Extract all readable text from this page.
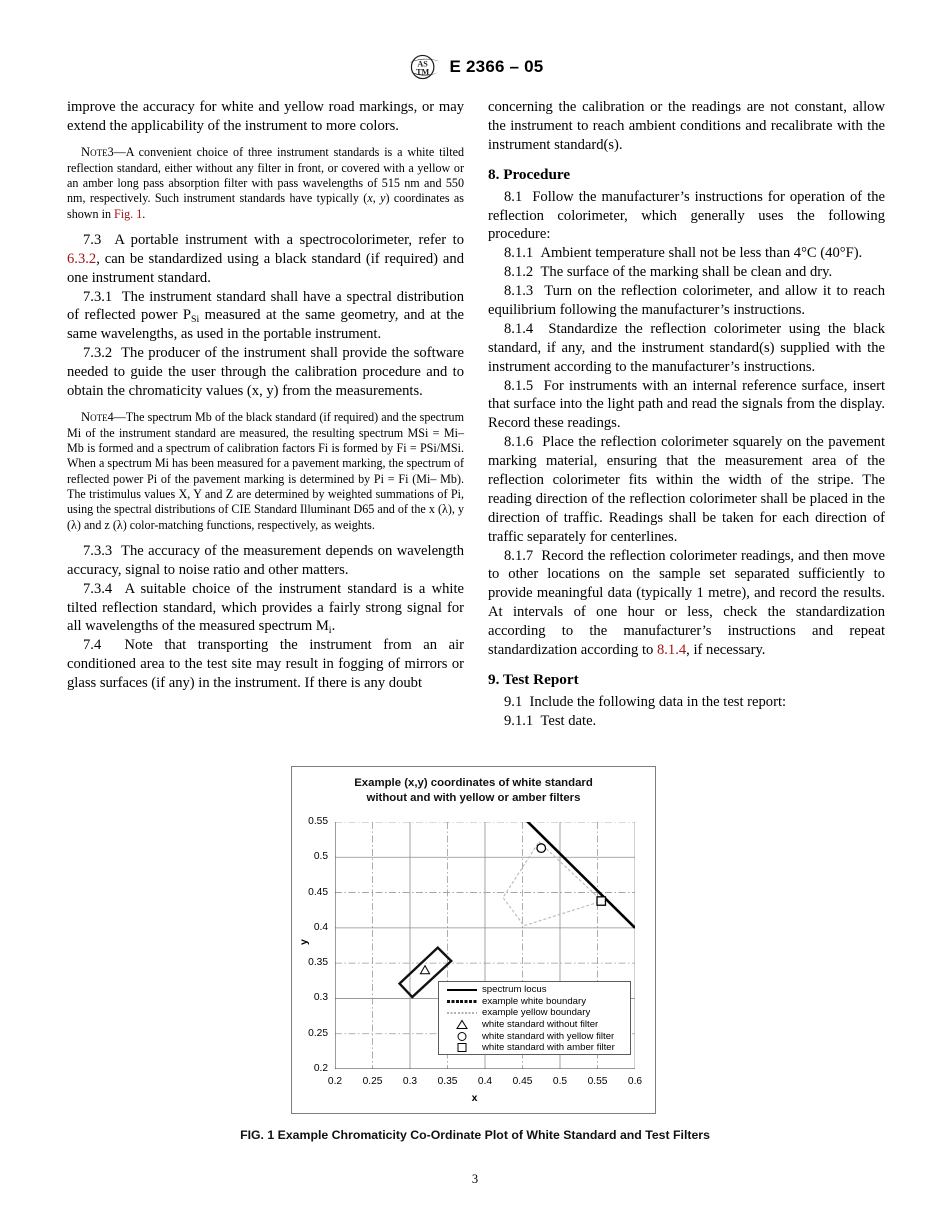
AS
TM E 2366 – 05

improve the accuracy for white and yellow road markings, or may extend the applicability of the instrument to more colors.

Note3—A convenient choice of three instrument standards is a white tilted reflection standard, either without any filter in front, or covered with a yellow or an amber long pass absorption filter with pass wavelengths of 515 nm and 550 nm, respectively. Such instrument standards have typically (x, y) coordinates as shown in Fig. 1.

7.3 A portable instrument with a spectrocolorimeter, refer to 6.3.2, can be standardized using a black standard (if required) and one instrument standard.

7.3.1 The instrument standard shall have a spectral distribution of reflected power $P_{Si}$ measured at the same geometry, and at the same wavelengths, as used in the portable instrument.

7.3.2 The producer of the instrument shall provide the software needed to guide the user through the calibration procedure and to obtain the chromaticity values (x, y) from the measurements.

Note4—The spectrum Mb of the black standard (if required) and the spectrum Mi of the instrument standard are measured, the resulting spectrum MSi = Mi– Mb is formed and a spectrum of calibration factors Fi is formed by Fi = PSi/MSi. When a spectrum Mi has been measured for a pavement marking, the spectrum of reflected power Pi of the pavement marking is determined by Pi = Fi (Mi– Mb). The tristimulus values X, Y and Z are determined by weighted summations of Pi, using the spectral distributions of CIE Standard Illuminant D65 and of the x (λ), y (λ) and z (λ) color-matching functions, respectively, as weights.

7.3.3 The accuracy of the measurement depends on wavelength accuracy, signal to noise ratio and other matters.

7.3.4 A suitable choice of the instrument standard is a white tilted reflection standard, which provides a fairly strong signal for all wavelengths of the measured spectrum $M_i$.

7.4 Note that transporting the instrument from an air conditioned area to the test site may result in fogging of mirrors or glass surfaces (if any) in the instrument. If there is any doubt

concerning the calibration or the readings are not constant, allow the instrument to reach ambient conditions and recalibrate with the instrument standard(s).

8. Procedure

8.1 Follow the manufacturer’s instructions for operation of the reflection colorimeter, which generally uses the following procedure:

8.1.1 Ambient temperature shall not be less than 4°C (40°F).

8.1.2 The surface of the marking shall be clean and dry.

8.1.3 Turn on the reflection colorimeter, and allow it to reach equilibrium following the manufacturer’s instructions.

8.1.4 Standardize the reflection colorimeter using the black standard, if any, and the instrument standard(s) supplied with the instrument according to the manufacturer’s instructions.

8.1.5 For instruments with an internal reference surface, insert that surface into the light path and read the signals from the display. Record these readings.

8.1.6 Place the reflection colorimeter squarely on the pavement marking material, ensuring that the measurement area of the reflection colorimeter fits within the width of the stripe. The reading direction of the reflection colorimeter shall be placed in the direction of traffic. Readings shall be taken for each direction of traffic separately for centerlines.

8.1.7 Record the reflection colorimeter readings, and then move to other locations on the sample set separated sufficiently to provide meaningful data (typically 1 metre), and record the results. At intervals of one hour or less, check the standardization according to the manufacturer’s instructions and repeat standardization according to 8.1.4, if necessary.

9. Test Report

9.1 Include the following data in the test report:

9.1.1 Test date.

Example (x,y) coordinates of white standard
without and with yellow or amber filters
y
x
0.2
0.25
0.3
0.35
0.4
0.45
0.5
0.55
0.2	0.25	0.3	0.35	0.4	0.45	0.5	0.55	0.6
spectrum locus
example white boundary
example yellow boundary
white standard without filter
white standard with yellow filter
white standard with amber filter
FIG. 1 Example Chromaticity Co-Ordinate Plot of White Standard and Test Filters
3
